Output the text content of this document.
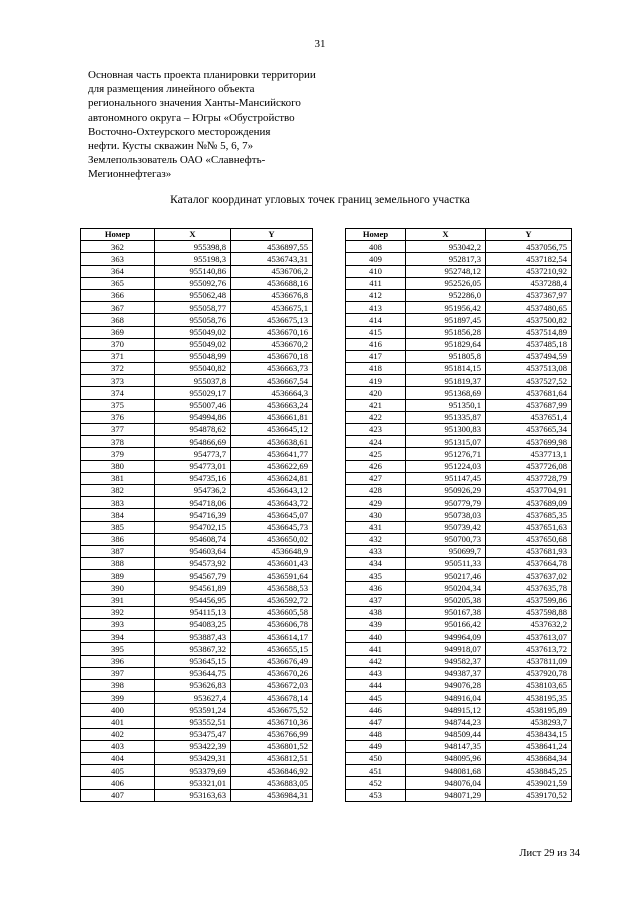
31
Основная часть проекта планировки территории
для размещения линейного объекта
регионального значения Ханты-Мансийского
автономного округа – Югры «Обустройство
Восточно-Охтеурского месторождения
нефти. Кусты скважин №№ 5, 6, 7»
Землепользователь ОАО «Славнефть-
Мегионнефтегаз»
Каталог координат угловых точек границ земельного участка
Номер	X	Y
362	955398,8	4536897,55
363	955198,3	4536743,31
364	955140,86	4536706,2
365	955092,76	4536688,16
366	955062,48	4536676,8
367	955058,77	4536675,1
368	955058,76	4536675,13
369	955049,02	4536670,16
370	955049,02	4536670,2
371	955048,99	4536670,18
372	955040,82	4536663,73
373	955037,8	4536667,54
374	955029,17	4536664,3
375	955007,46	4536663,24
376	954994,86	4536661,81
377	954878,62	4536645,12
378	954866,69	4536638,61
379	954773,7	4536641,77
380	954773,01	4536622,69
381	954735,16	4536624,81
382	954736,2	4536643,12
383	954718,06	4536643,72
384	954716,39	4536645,07
385	954702,15	4536645,73
386	954608,74	4536650,02
387	954603,64	4536648,9
388	954573,92	4536601,43
389	954567,79	4536591,64
390	954561,89	4536588,53
391	954456,95	4536592,72
392	954115,13	4536605,58
393	954083,25	4536606,78
394	953887,43	4536614,17
395	953867,32	4536655,15
396	953645,15	4536676,49
397	953644,75	4536670,26
398	953626,83	4536672,03
399	953627,4	4536678,14
400	953591,24	4536675,52
401	953552,51	4536710,36
402	953475,47	4536766,99
403	953422,39	4536801,52
404	953429,31	4536812,51
405	953379,69	4536846,92
406	953321,01	4536883,05
407	953163,63	4536984,31
Номер	X	Y
408	953042,2	4537056,75
409	952817,3	4537182,54
410	952748,12	4537210,92
411	952526,05	4537288,4
412	952286,0	4537367,97
413	951956,42	4537480,65
414	951897,45	4537500,82
415	951856,28	4537514,89
416	951829,64	4537485,18
417	951805,8	4537494,59
418	951814,15	4537513,08
419	951819,37	4537527,52
420	951368,69	4537681,64
421	951350,1	4537687,99
422	951335,87	4537651,4
423	951300,83	4537665,34
424	951315,07	4537699,98
425	951276,71	4537713,1
426	951224,03	4537726,08
427	951147,45	4537728,79
428	950926,29	4537704,91
429	950779,79	4537689,09
430	950738,03	4537685,35
431	950739,42	4537651,63
432	950700,73	4537650,68
433	950699,7	4537681,93
434	950511,33	4537664,78
435	950217,46	4537637,02
436	950204,34	4537635,78
437	950205,38	4537599,86
438	950167,38	4537598,88
439	950166,42	4537632,2
440	949964,09	4537613,07
441	949918,07	4537613,72
442	949582,37	4537811,09
443	949387,37	4537920,78
444	949076,28	4538103,65
445	948916,04	4538195,35
446	948915,12	4538195,89
447	948744,23	4538293,7
448	948509,44	4538434,15
449	948147,35	4538641,24
450	948095,96	4538684,34
451	948081,68	4538845,25
452	948076,04	4539021,59
453	948071,29	4539170,52
Лист 29 из 34
